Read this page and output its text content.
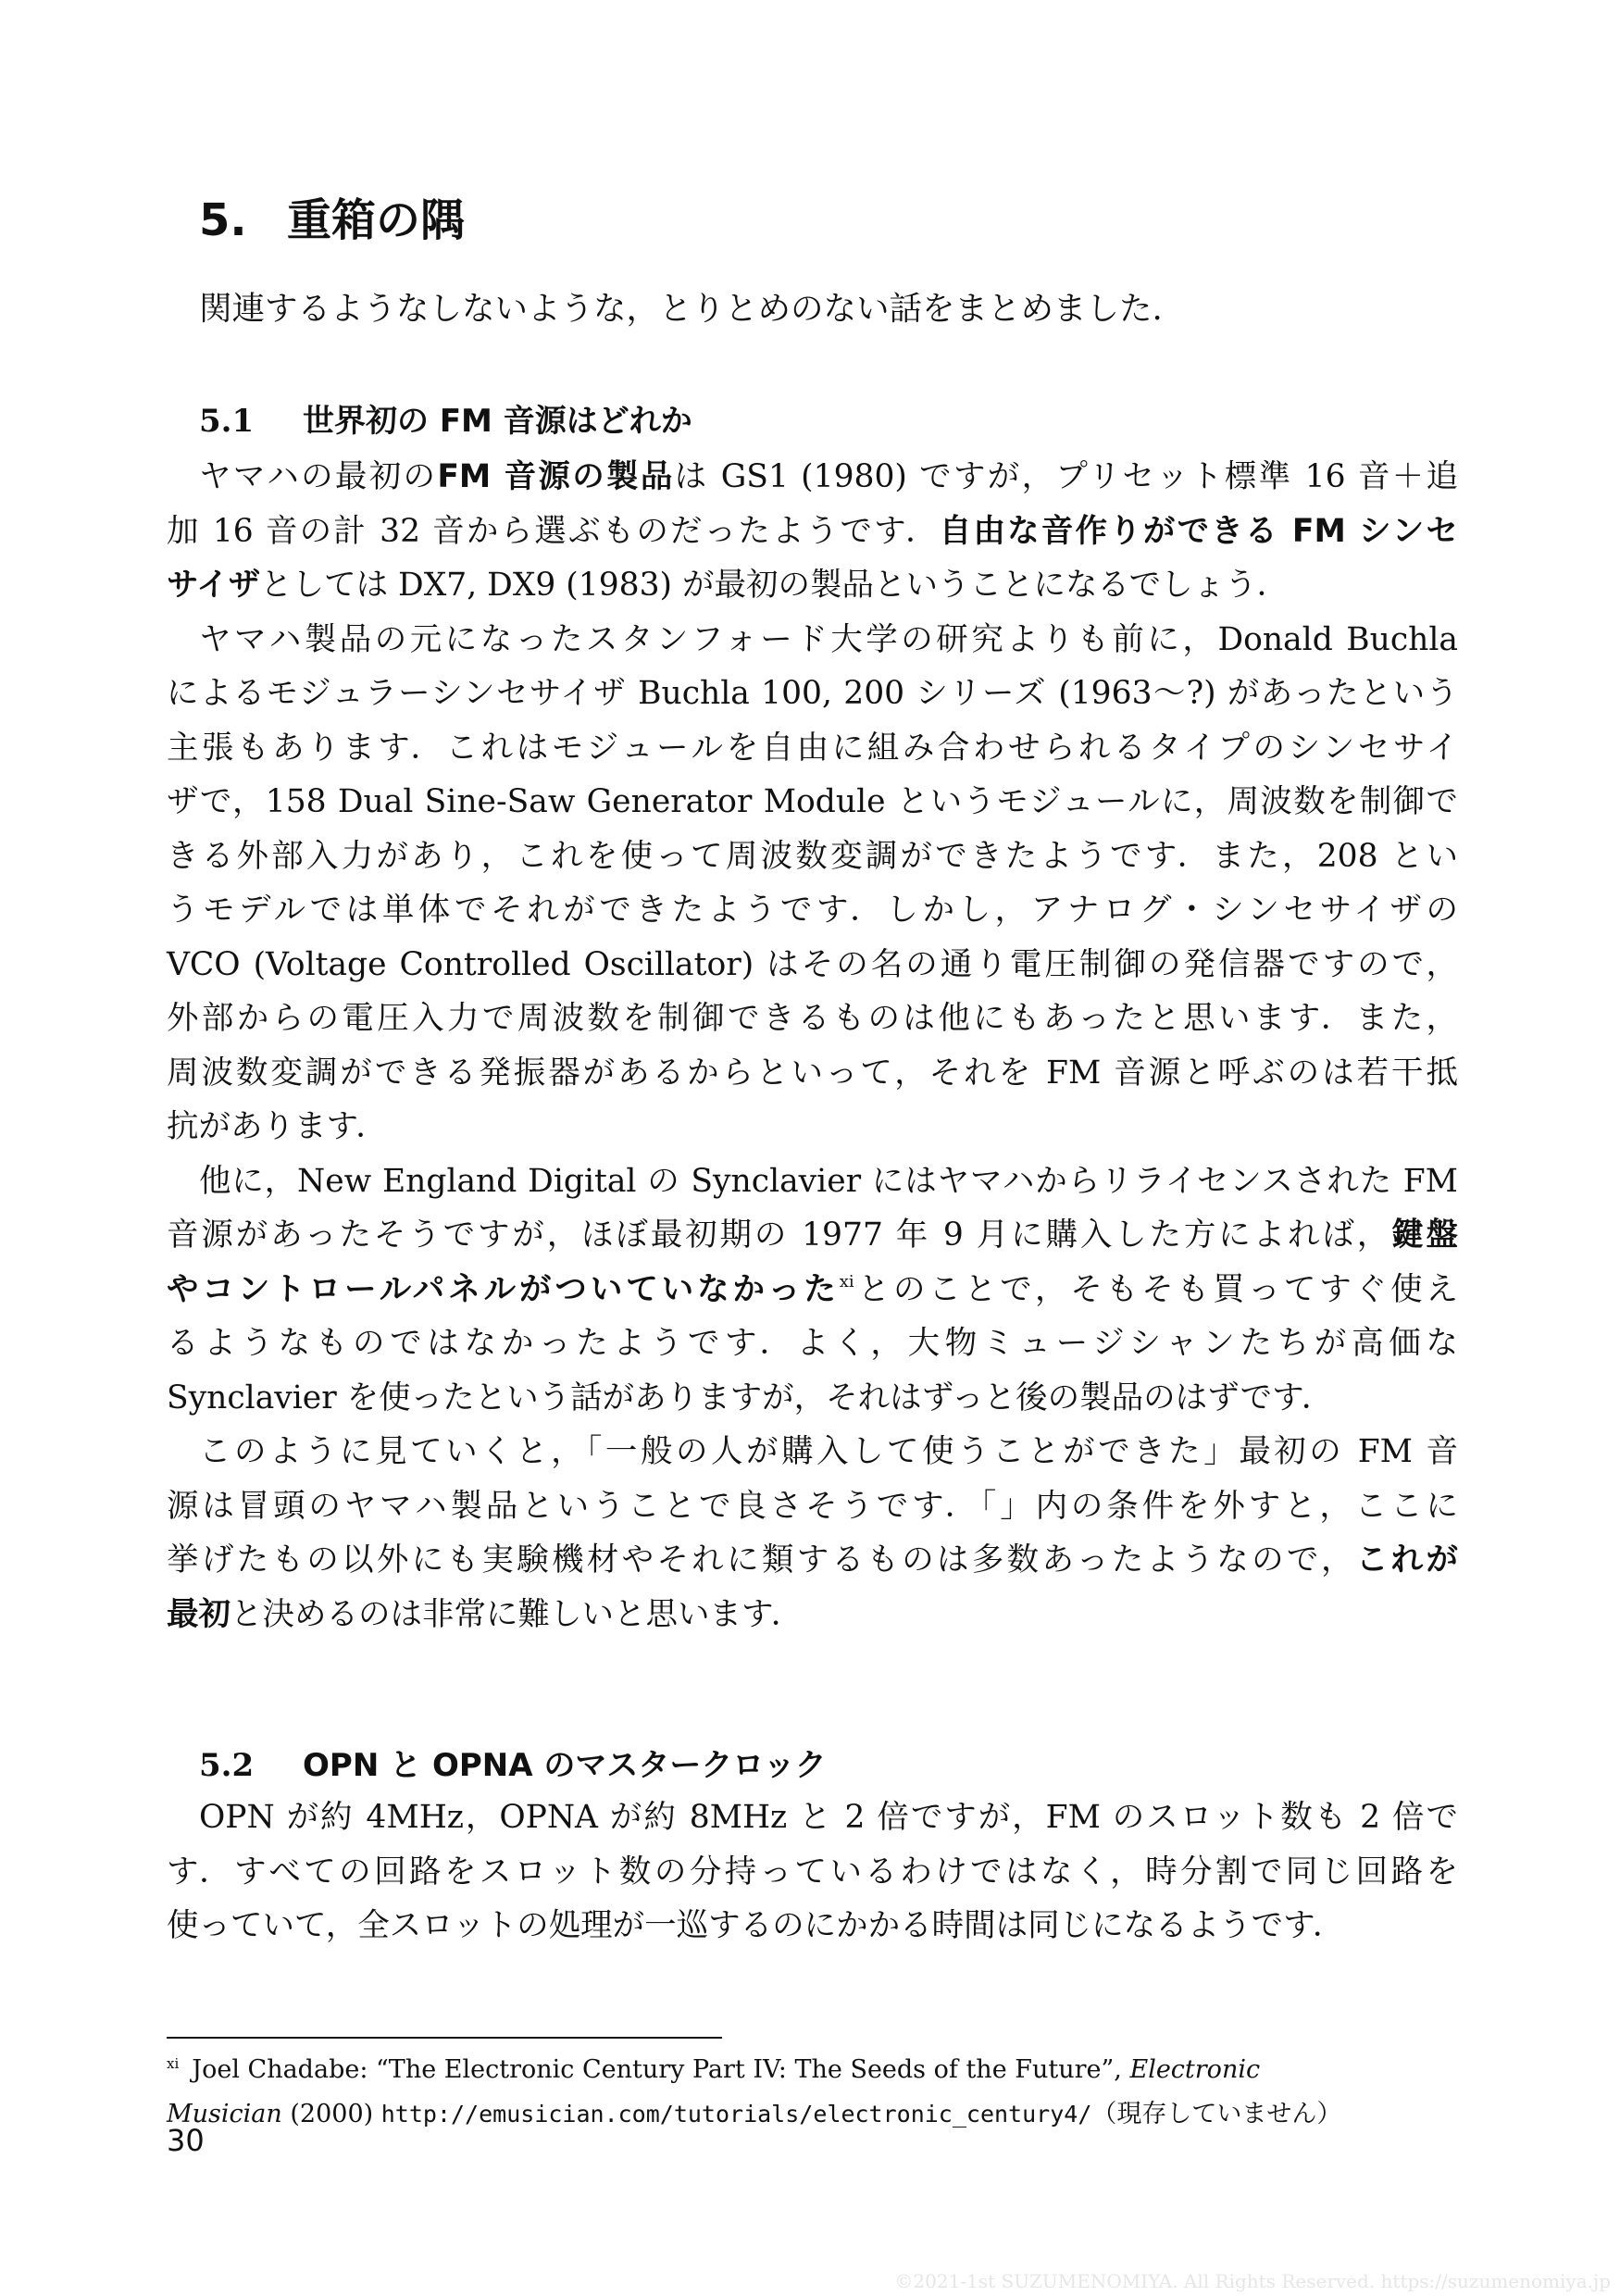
5. 重箱の隅

関連するようなしないような，とりとめのない話をまとめました.

5.1 世界初の FM 音源はどれか

ヤマハの最初のFM 音源の製品は GS1 (1980) ですが，プリセット標準 16 音＋追
加 16 音の計 32 音から選ぶものだったようです．自由な音作りができる FM シンセ
サイザとしては DX7, DX9 (1983) が最初の製品ということになるでしょう．

ヤマハ製品の元になったスタンフォード大学の研究よりも前に，Donald Buchla
によるモジュラーシンセサイザ Buchla 100, 200 シリーズ (1963〜?) があったという
主張もあります．これはモジュールを自由に組み合わせられるタイプのシンセサイ
ザで，158 Dual Sine-Saw Generator Module というモジュールに，周波数を制御で
きる外部入力があり，これを使って周波数変調ができたようです．また，208 とい
うモデルでは単体でそれができたようです．しかし，アナログ・シンセサイザの
VCO (Voltage Controlled Oscillator) はその名の通り電圧制御の発信器ですので，
外部からの電圧入力で周波数を制御できるものは他にもあったと思います．また，
周波数変調ができる発振器があるからといって，それを FM 音源と呼ぶのは若干抵
抗があります．

他に，New England Digital の Synclavier にはヤマハからリライセンスされた FM
音源があったそうですが，ほぼ最初期の 1977 年 9 月に購入した方によれば，鍵盤
やコントロールパネルがついていなかった$^{xi}$とのことで，そもそも買ってすぐ使え
るようなものではなかったようです．よく，大物ミュージシャンたちが高価な
Synclavier を使ったという話がありますが，それはずっと後の製品のはずです．

このように見ていくと，「一般の人が購入して使うことができた」最初の FM 音
源は冒頭のヤマハ製品ということで良さそうです．「」内の条件を外すと，ここに
挙げたもの以外にも実験機材やそれに類するものは多数あったようなので，これが
最初と決めるのは非常に難しいと思います．

5.2 OPN と OPNA のマスタークロック

OPN が約 4MHz，OPNA が約 8MHz と 2 倍ですが，FM のスロット数も 2 倍で
す．すべての回路をスロット数の分持っているわけではなく，時分割で同じ回路を
使っていて，全スロットの処理が一巡するのにかかる時間は同じになるようです．

$^{xi}$ Joel Chadabe: “The Electronic Century Part IV: The Seeds of the Future”, Electronic
Musician (2000) http://emusician.com/tutorials/electronic_century4/（現存していません）

30

©2021-1st SUZUMENOMIYA. All Rights Reserved. https://suzumenomiya.jp
